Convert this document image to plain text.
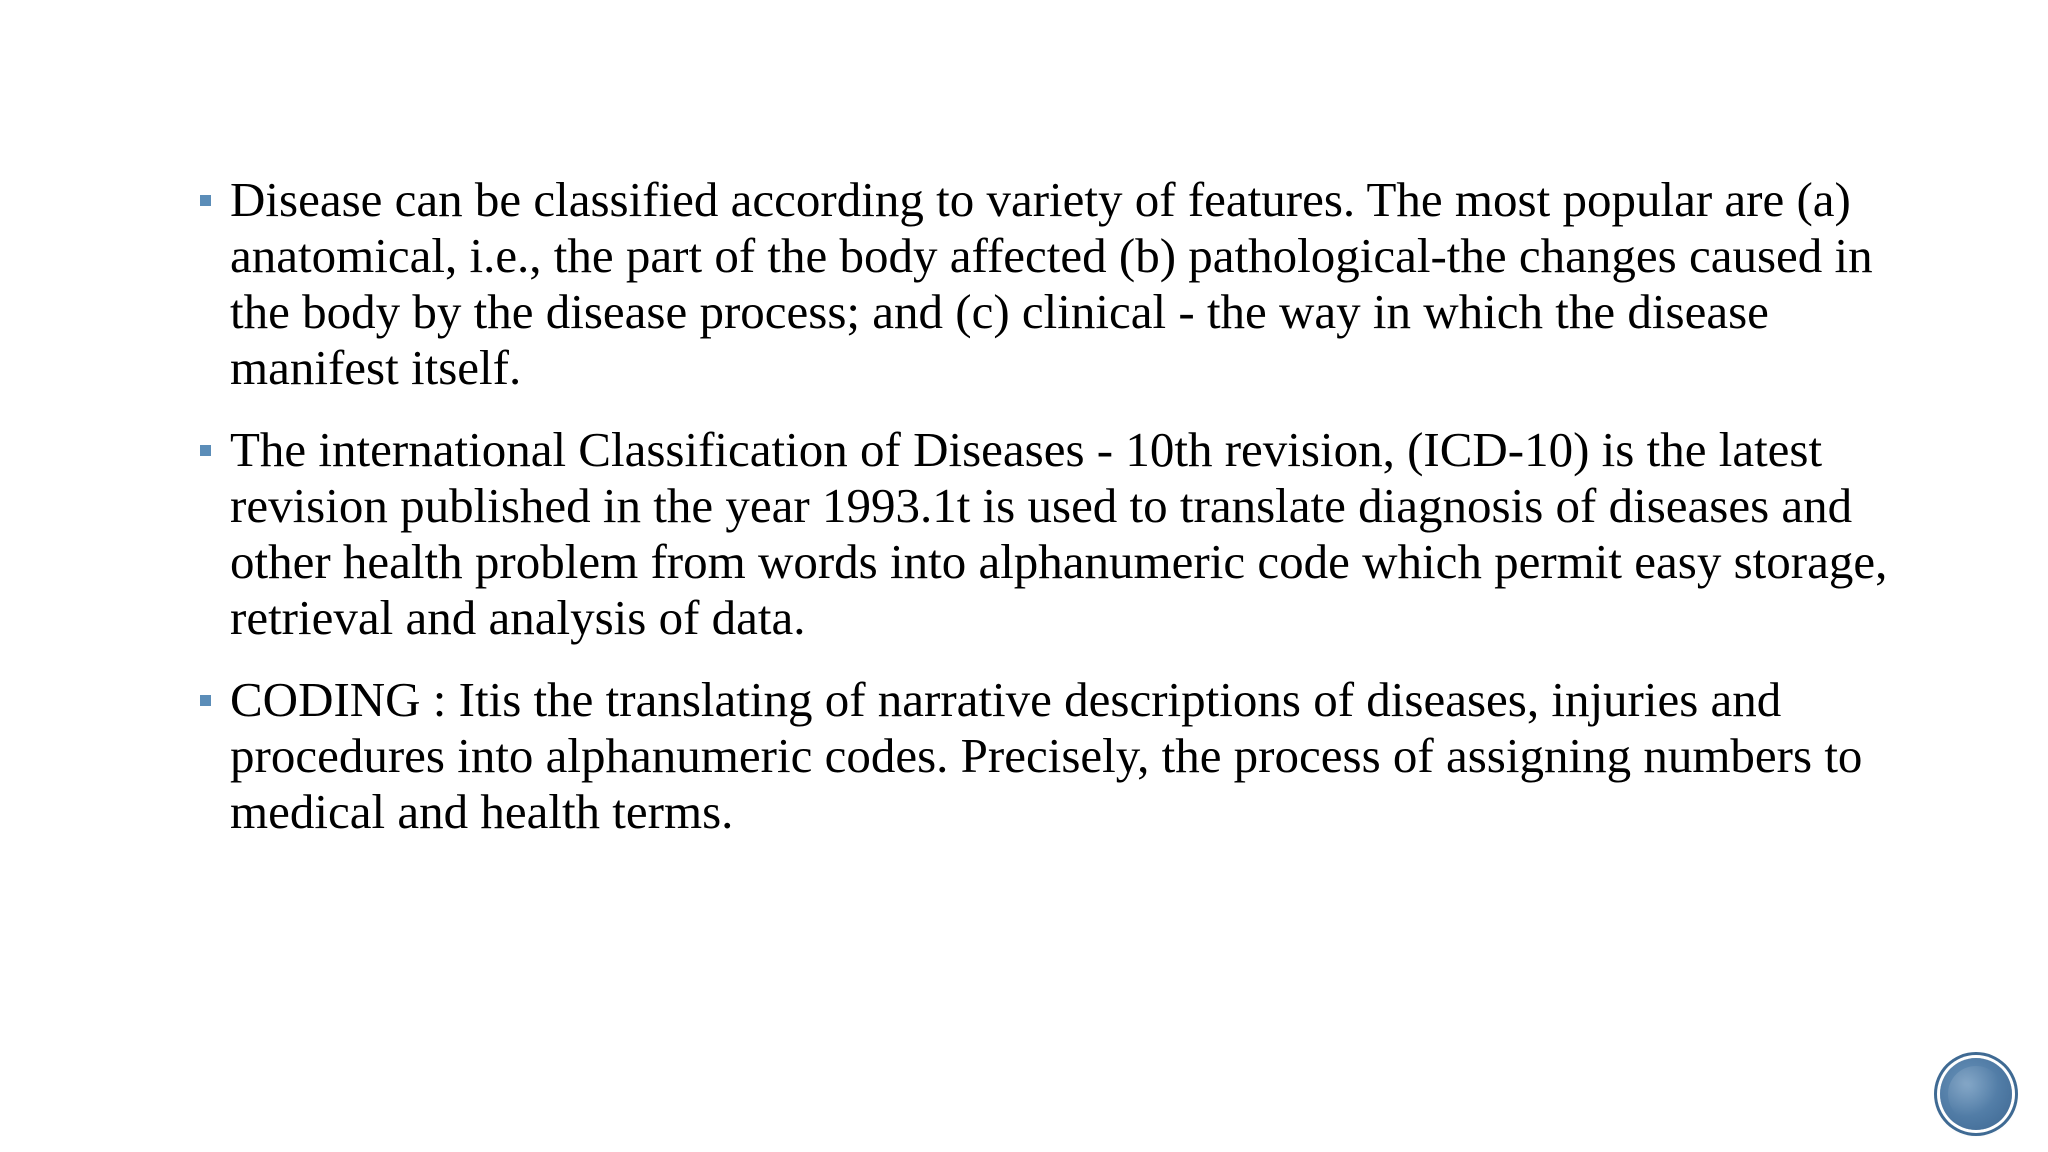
Disease can be classified according to variety of features. The most popular are (a) anatomical, i.e., the part of the body affected (b) pathological-the changes caused in the body by the disease process; and (c) clinical - the way in which the disease manifest itself.
The international Classification of Diseases - 10th revision, (ICD-10) is the latest revision published in the year 1993.1t is used to translate diagnosis of diseases and other health problem from words into alphanumeric code which permit easy storage, retrieval and analysis of data.
CODING : Itis the translating of narrative descriptions of diseases, injuries and procedures into alphanumeric codes. Precisely, the process of assigning numbers to medical and health terms.
